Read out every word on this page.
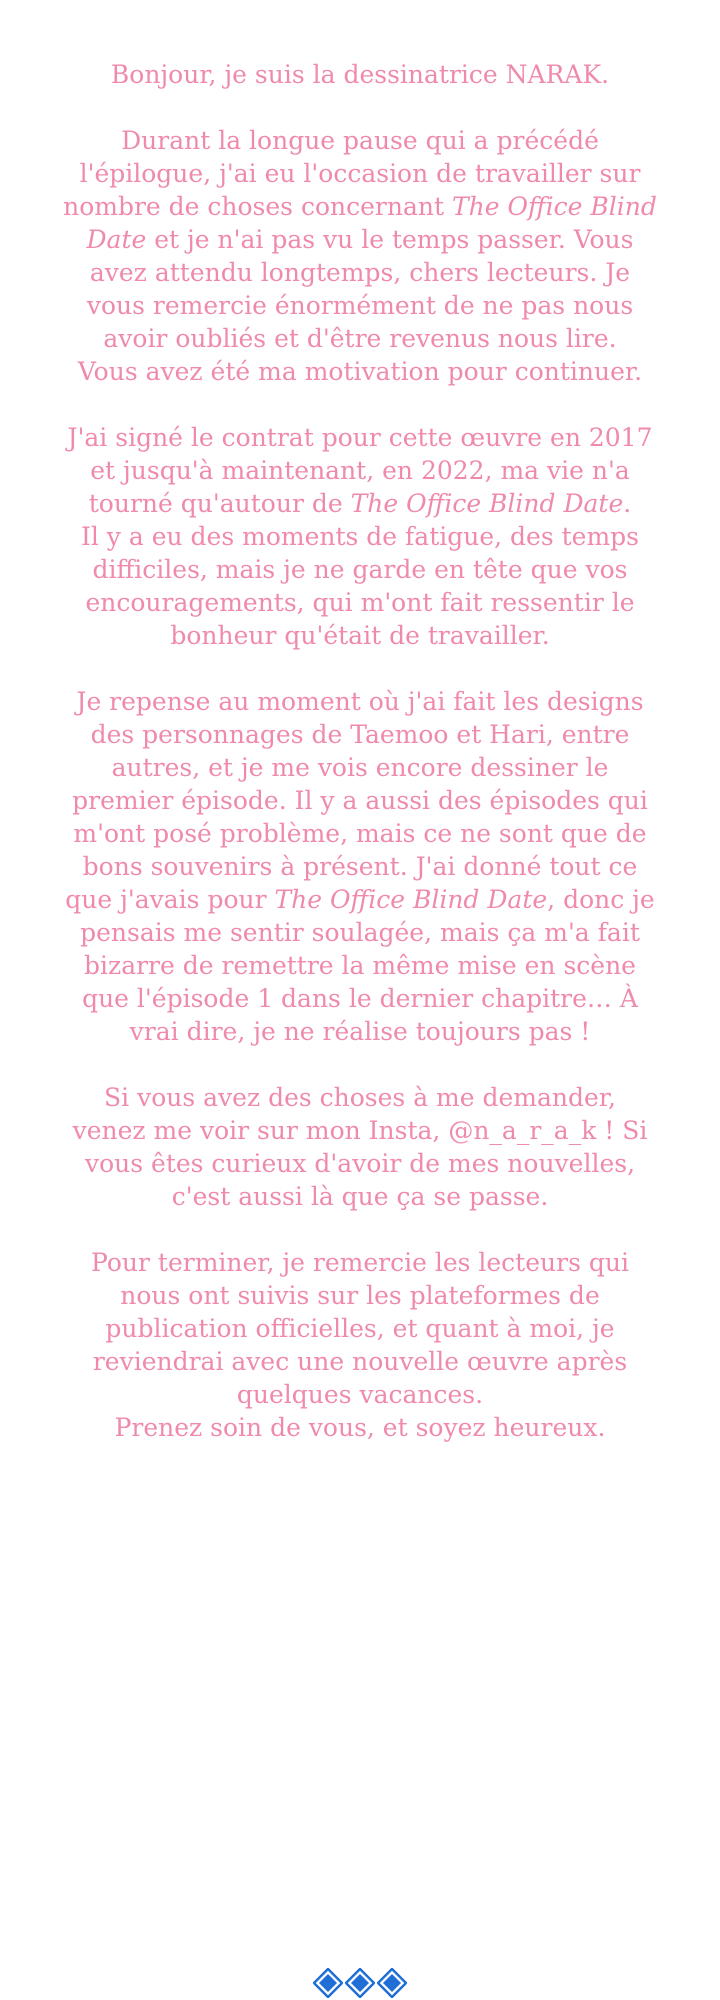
Bonjour, je suis la dessinatrice NARAK.

Durant la longue pause qui a précédé
l'épilogue, j'ai eu l'occasion de travailler sur
nombre de choses concernant The Office Blind
Date et je n'ai pas vu le temps passer. Vous
avez attendu longtemps, chers lecteurs. Je
vous remercie énormément de ne pas nous
avoir oubliés et d'être revenus nous lire.
Vous avez été ma motivation pour continuer.

J'ai signé le contrat pour cette œuvre en 2017
et jusqu'à maintenant, en 2022, ma vie n'a
tourné qu'autour de The Office Blind Date.
Il y a eu des moments de fatigue, des temps
difficiles, mais je ne garde en tête que vos
encouragements, qui m'ont fait ressentir le
bonheur qu'était de travailler.

Je repense au moment où j'ai fait les designs
des personnages de Taemoo et Hari, entre
autres, et je me vois encore dessiner le
premier épisode. Il y a aussi des épisodes qui
m'ont posé problème, mais ce ne sont que de
bons souvenirs à présent. J'ai donné tout ce
que j'avais pour The Office Blind Date, donc je
pensais me sentir soulagée, mais ça m'a fait
bizarre de remettre la même mise en scène
que l'épisode 1 dans le dernier chapitre… À
vrai dire, je ne réalise toujours pas !

Si vous avez des choses à me demander,
venez me voir sur mon Insta, @n_a_r_a_k ! Si
vous êtes curieux d'avoir de mes nouvelles,
c'est aussi là que ça se passe.

Pour terminer, je remercie les lecteurs qui
nous ont suivis sur les plateformes de
publication officielles, et quant à moi, je
reviendrai avec une nouvelle œuvre après
quelques vacances.
Prenez soin de vous, et soyez heureux.
